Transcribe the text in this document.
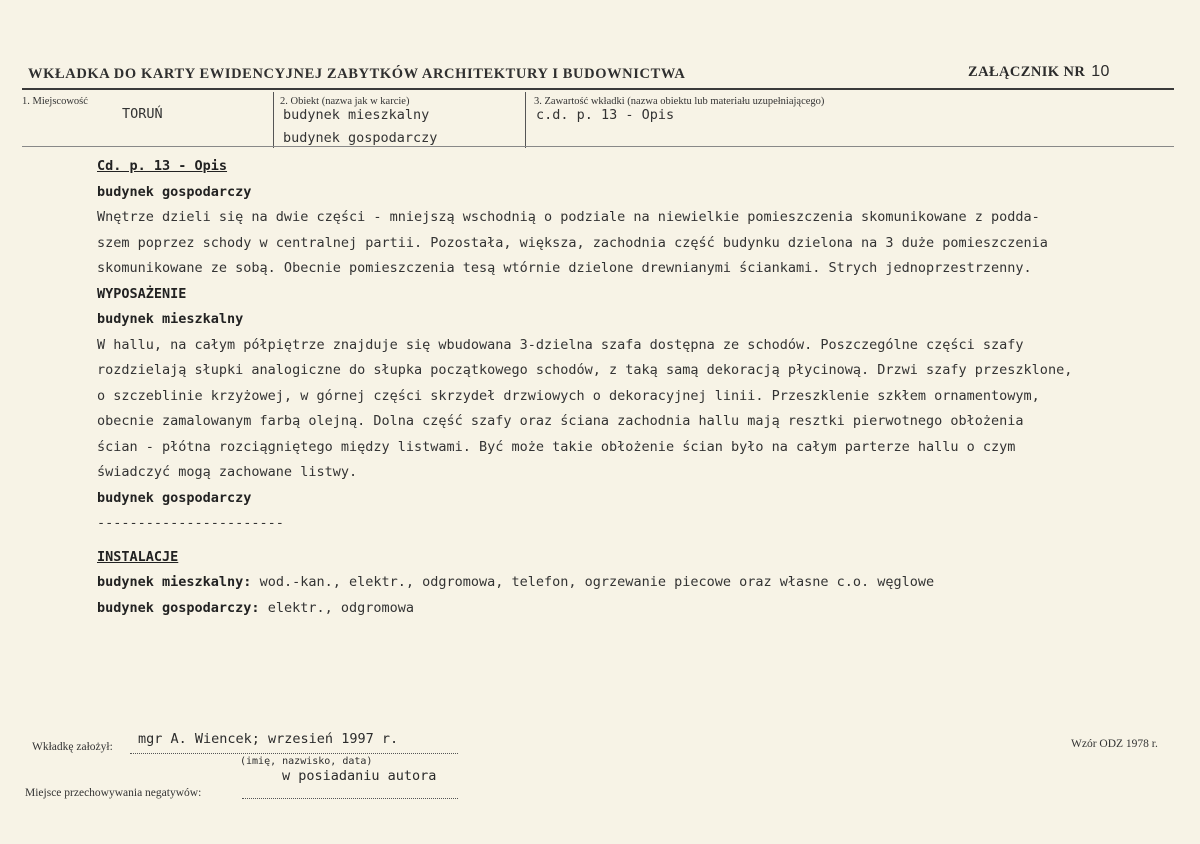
WKŁADKA DO KARTY EWIDENCYJNEJ ZABYTKÓW ARCHITEKTURY I BUDOWNICTWA	ZAŁĄCZNIK NR 10
1. Miejscowość
TORUŃ
2. Obiekt (nazwa jak w karcie)
budynek mieszkalny
budynek gospodarczy
3. Zawartość wkładki (nazwa obiektu lub materiału uzupełniającego)
c.d. p. 13 - Opis
Cd. p. 13 - Opis
budynek gospodarczy
Wnętrze dzieli się na dwie części - mniejszą wschodnią o podziale na niewielkie pomieszczenia skomunikowane z podda-
szem poprzez schody w centralnej partii. Pozostała, większa, zachodnia część budynku dzielona na 3 duże pomieszczenia
skomunikowane ze sobą. Obecnie pomieszczenia tesą wtórnie dzielone drewnianymi ściankami. Strych jednoprzestrzenny.
WYPOSAŻENIE
budynek mieszkalny
W hallu, na całym półpiętrze znajduje się wbudowana 3-dzielna szafa dostępna ze schodów. Poszczególne części szafy
rozdzielają słupki analogiczne do słupka początkowego schodów, z taką samą dekoracją płycinową. Drzwi szafy przeszklone,
o szczeblinie krzyżowej, w górnej części skrzydeł drzwiowych o dekoracyjnej linii. Przeszklenie szkłem ornamentowym,
obecnie zamalowanym farbą olejną. Dolna część szafy oraz ściana zachodnia hallu mają resztki pierwotnego obłożenia
ścian - płótna rozciągniętego między listwami. Być może takie obłożenie ścian było na całym parterze hallu o czym
świadczyć mogą zachowane listwy.
budynek gospodarczy
-----------------------
INSTALACJE
budynek mieszkalny: wod.-kan., elektr., odgromowa, telefon, ogrzewanie piecowe oraz własne c.o. węglowe
budynek gospodarczy: elektr., odgromowa
Wkładkę założył: mgr A. Wiencek; wrzesień 1997 r.
(imię, nazwisko, data)
w posiadaniu autora
Miejsce przechowywania negatywów:
Wzór ODZ 1978 r.
